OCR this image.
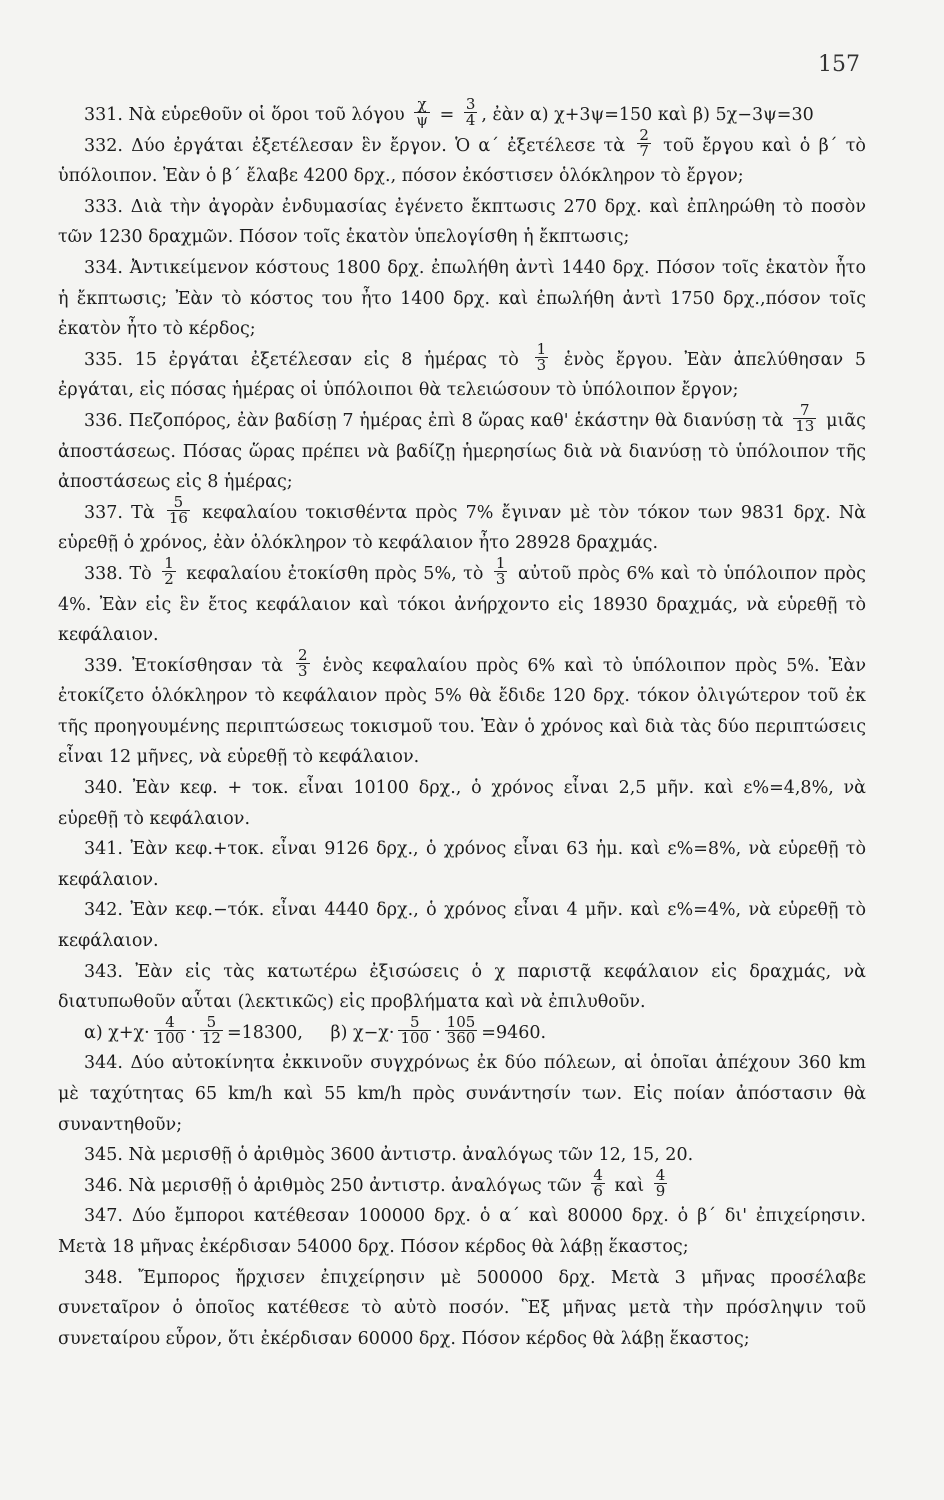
157

331. Νὰ εὑρεθοῦν οἱ ὅροι τοῦ λόγου $\frac{\chi}{\psi} = \frac{3}{4}$ , ἐὰν α) χ+3ψ=150 καὶ β) 5χ−3ψ=30

332. Δύο ἐργάται ἐξετέλεσαν ἓν ἔργον. Ὁ α΄ ἐξετέλεσε τὰ $\frac{2}{7}$ τοῦ ἔργου καὶ ὁ β΄ τὸ ὑπόλοιπον. Ἐὰν ὁ β΄ ἔλαβε 4200 δρχ., πόσον ἐκόστισεν ὁλόκληρον τὸ ἔργον;

333. Διὰ τὴν ἀγορὰν ἐνδυμασίας ἐγένετο ἔκπτωσις 270 δρχ. καὶ ἐπληρώθη τὸ ποσὸν τῶν 1230 δραχμῶν. Πόσον τοῖς ἑκατὸν ὑπελογίσθη ἡ ἔκπτωσις;

334. Ἀντικείμενον κόστους 1800 δρχ. ἐπωλήθη ἀντὶ 1440 δρχ. Πόσον τοῖς ἑκατὸν ἦτο ἡ ἔκπτωσις; Ἐὰν τὸ κόστος του ἦτο 1400 δρχ. καὶ ἐπωλήθη ἀντὶ 1750 δρχ.,πόσον τοῖς ἑκατὸν ἦτο τὸ κέρδος;

335. 15 ἐργάται ἐξετέλεσαν εἰς 8 ἡμέρας τὸ $\frac{1}{3}$ ἑνὸς ἔργου. Ἐὰν ἀπελύθησαν 5 ἐργάται, εἰς πόσας ἡμέρας οἱ ὑπόλοιποι θὰ τελειώσουν τὸ ὑπόλοιπον ἔργον;

336. Πεζοπόρος, ἐὰν βαδίσῃ 7 ἡμέρας ἐπὶ 8 ὥρας καθ' ἑκάστην θὰ διανύσῃ τὰ $\frac{7}{13}$ μιᾶς ἀποστάσεως. Πόσας ὥρας πρέπει νὰ βαδίζῃ ἡμερησίως διὰ νὰ διανύσῃ τὸ ὑπόλοιπον τῆς ἀποστάσεως εἰς 8 ἡμέρας;

337. Τὰ $\frac{5}{16}$ κεφαλαίου τοκισθέντα πρὸς 7% ἔγιναν μὲ τὸν τόκον των 9831 δρχ. Νὰ εὑρεθῇ ὁ χρόνος, ἐὰν ὁλόκληρον τὸ κεφάλαιον ἦτο 28928 δραχμάς.

338. Τὸ $\frac{1}{2}$ κεφαλαίου ἐτοκίσθη πρὸς 5%, τὸ $\frac{1}{3}$ αὐτοῦ πρὸς 6% καὶ τὸ ὑπόλοιπον πρὸς 4%. Ἐὰν εἰς ἓν ἔτος κεφάλαιον καὶ τόκοι ἀνήρχοντο εἰς 18930 δραχμάς, νὰ εὑρεθῇ τὸ κεφάλαιον.

339. Ἐτοκίσθησαν τὰ $\frac{2}{3}$ ἑνὸς κεφαλαίου πρὸς 6% καὶ τὸ ὑπόλοιπον πρὸς 5%. Ἐὰν ἐτοκίζετο ὁλόκληρον τὸ κεφάλαιον πρὸς 5% θὰ ἔδιδε 120 δρχ. τόκον ὀλιγώτερον τοῦ ἐκ τῆς προηγουμένης περιπτώσεως τοκισμοῦ του. Ἐὰν ὁ χρόνος καὶ διὰ τὰς δύο περιπτώσεις εἶναι 12 μῆνες, νὰ εὑρεθῇ τὸ κεφάλαιον.

340. Ἐὰν κεφ. + τοκ. εἶναι 10100 δρχ., ὁ χρόνος εἶναι 2,5 μῆν. καὶ ε%=4,8%, νὰ εὑρεθῇ τὸ κεφάλαιον.

341. Ἐὰν κεφ.+τοκ. εἶναι 9126 δρχ., ὁ χρόνος εἶναι 63 ἡμ. καὶ ε%=8%, νὰ εὑρεθῇ τὸ κεφάλαιον.

342. Ἐὰν κεφ.−τόκ. εἶναι 4440 δρχ., ὁ χρόνος εἶναι 4 μῆν. καὶ ε%=4%, νὰ εὑρεθῇ τὸ κεφάλαιον.

343. Ἐὰν εἰς τὰς κατωτέρω ἐξισώσεις ὁ χ παριστᾷ κεφάλαιον εἰς δραχμάς, νὰ διατυπωθοῦν αὗται (λεκτικῶς) εἰς προβλήματα καὶ νὰ ἐπιλυθοῦν.

α) $\chi+\chi\cdot \frac{4}{100} \cdot \frac{5}{12} =18300$, β) $\chi-\chi\cdot \frac{5}{100} \cdot \frac{105}{360} =9460$.

344. Δύο αὐτοκίνητα ἐκκινοῦν συγχρόνως ἐκ δύο πόλεων, αἱ ὁποῖαι ἀπέχουν 360 km μὲ ταχύτητας 65 km/h καὶ 55 km/h πρὸς συνάντησίν των. Εἰς ποίαν ἀπόστασιν θὰ συναντηθοῦν;

345. Νὰ μερισθῇ ὁ ἀριθμὸς 3600 ἀντιστρ. ἀναλόγως τῶν 12, 15, 20.

346. Νὰ μερισθῇ ὁ ἀριθμὸς 250 ἀντιστρ. ἀναλόγως τῶν $\frac{4}{6}$ καὶ $\frac{4}{9}$

347. Δύο ἔμποροι κατέθεσαν 100000 δρχ. ὁ α΄ καὶ 80000 δρχ. ὁ β΄ δι' ἐπιχείρησιν. Μετὰ 18 μῆνας ἐκέρδισαν 54000 δρχ. Πόσον κέρδος θὰ λάβῃ ἕκαστος;

348. Ἔμπορος ἤρχισεν ἐπιχείρησιν μὲ 500000 δρχ. Μετὰ 3 μῆνας προσέλαβε συνεταῖρον ὁ ὁποῖος κατέθεσε τὸ αὐτὸ ποσόν. Ἓξ μῆνας μετὰ τὴν πρόσληψιν τοῦ συνεταίρου εὗρον, ὅτι ἐκέρδισαν 60000 δρχ. Πόσον κέρδος θὰ λάβῃ ἕκαστος;
